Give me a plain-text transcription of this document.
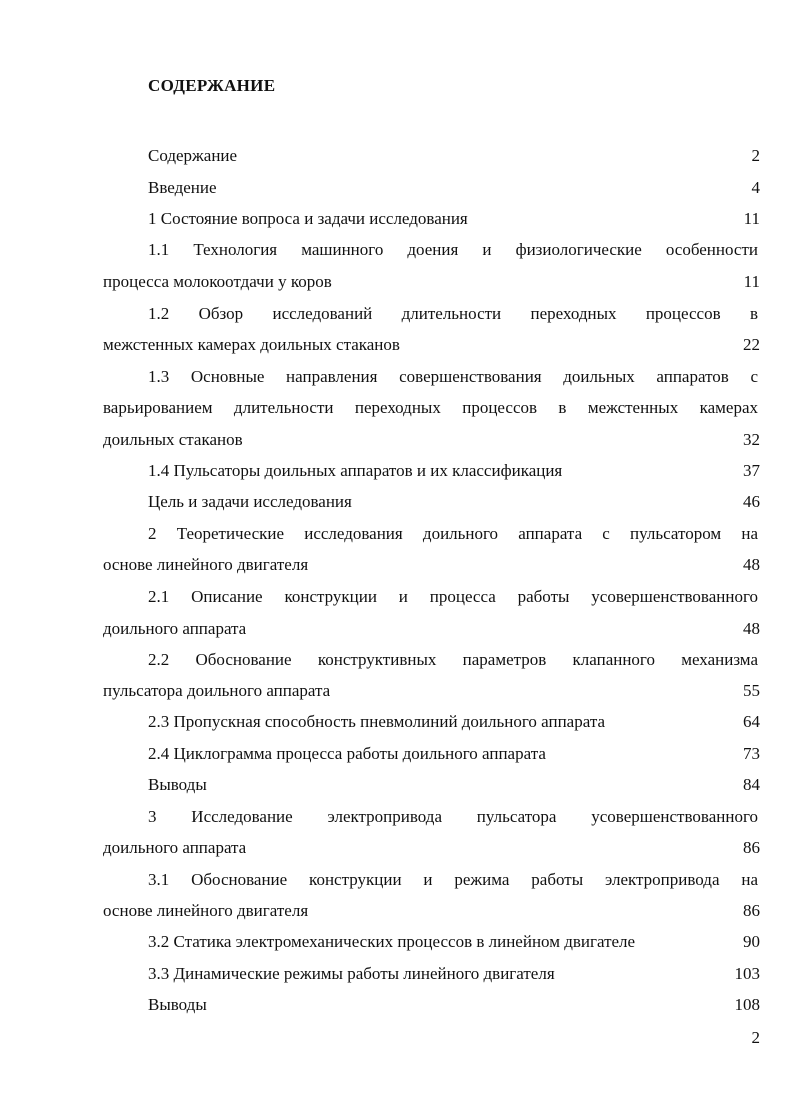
СОДЕРЖАНИЕ
Содержание	2
Введение	4
1 Состояние вопроса и задачи исследования	11
1.1 Технология машинного доения и физиологические особенности
процесса молокоотдачи у коров	11
1.2 Обзор исследований длительности переходных процессов в
межстенных камерах доильных стаканов	22
1.3 Основные направления совершенствования доильных аппаратов с
варьированием длительности переходных процессов в межстенных камерах
доильных стаканов	32
1.4 Пульсаторы доильных аппаратов и их классификация	37
Цель и задачи исследования	46
2 Теоретические исследования доильного аппарата с пульсатором на
основе линейного двигателя	48
2.1 Описание конструкции и процесса работы усовершенствованного
доильного аппарата	48
2.2 Обоснование конструктивных параметров клапанного механизма
пульсатора доильного аппарата	55
2.3 Пропускная способность пневмолиний доильного аппарата	64
2.4 Циклограмма процесса работы доильного аппарата	73
Выводы	84
3 Исследование электропривода пульсатора усовершенствованного
доильного аппарата	86
3.1 Обоснование конструкции и режима работы электропривода на
основе линейного двигателя	86
3.2 Статика электромеханических процессов в линейном двигателе	90
3.3 Динамические режимы работы линейного двигателя	103
Выводы	108
2
